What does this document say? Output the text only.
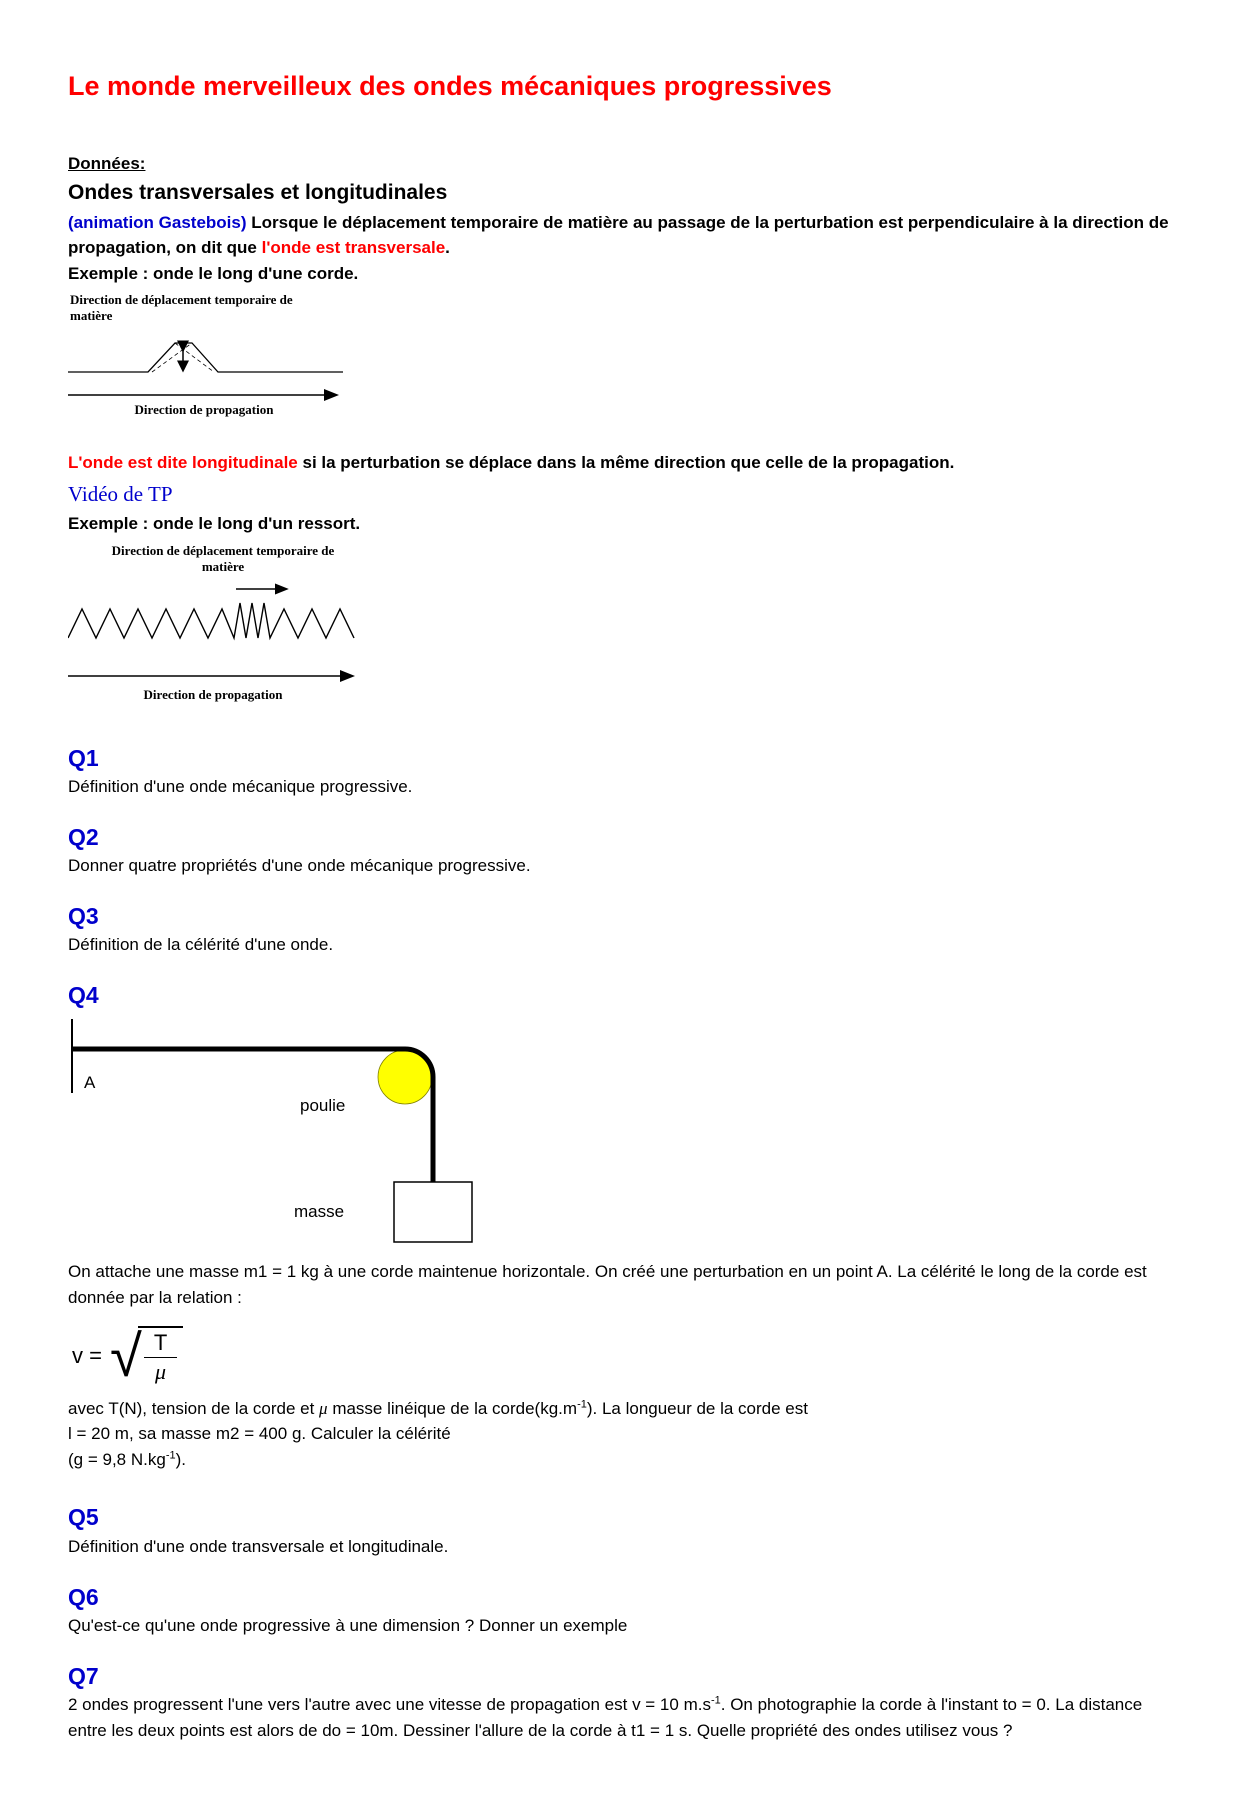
Le monde merveilleux des ondes mécaniques progressives

Données:

Ondes transversales et longitudinales

(animation Gastebois) Lorsque le déplacement temporaire de matière au passage de la perturbation est perpendiculaire à la direction de propagation, on dit que l'onde est transversale.

Exemple : onde le long d'une corde.

Direction de déplacement temporaire de
matière
Direction de propagation

L'onde est dite longitudinale si la perturbation se déplace dans la même direction que celle de la propagation.

Vidéo de TP

Exemple : onde le long d'un ressort.

Direction de déplacement temporaire de
matière
Direction de propagation
Q1

Définition d'une onde mécanique progressive.

Q2

Donner quatre propriétés d'une onde mécanique progressive.

Q3

Définition de la célérité d'une onde.

Q4
A
poulie
masse

On attache une masse m1 = 1 kg à une corde maintenue horizontale. On créé une perturbation en un point A. La célérité le long de la corde est donnée par la relation :

v = √
$\frac{T}{\mu}$

avec T(N), tension de la corde et μ masse linéique de la $corde(kg.m^{-1})$. La longueur de la corde est
l = 20 m, sa masse m2 = 400 g. Calculer la célérité
(g = 9,8 $N.kg^{-1}$).

Q5

Définition d'une onde transversale et longitudinale.

Q6

Qu'est-ce qu'une onde progressive à une dimension ? Donner un exemple

Q7

2 ondes progressent l'une vers l'autre avec une vitesse de propagation est v = 10 $m.s^{-1}$. On photographie la corde à l'instant to = 0. La distance entre les deux points est alors de do = 10m. Dessiner l'allure de la corde à t1 = 1 s. Quelle propriété des ondes utilisez vous ?
